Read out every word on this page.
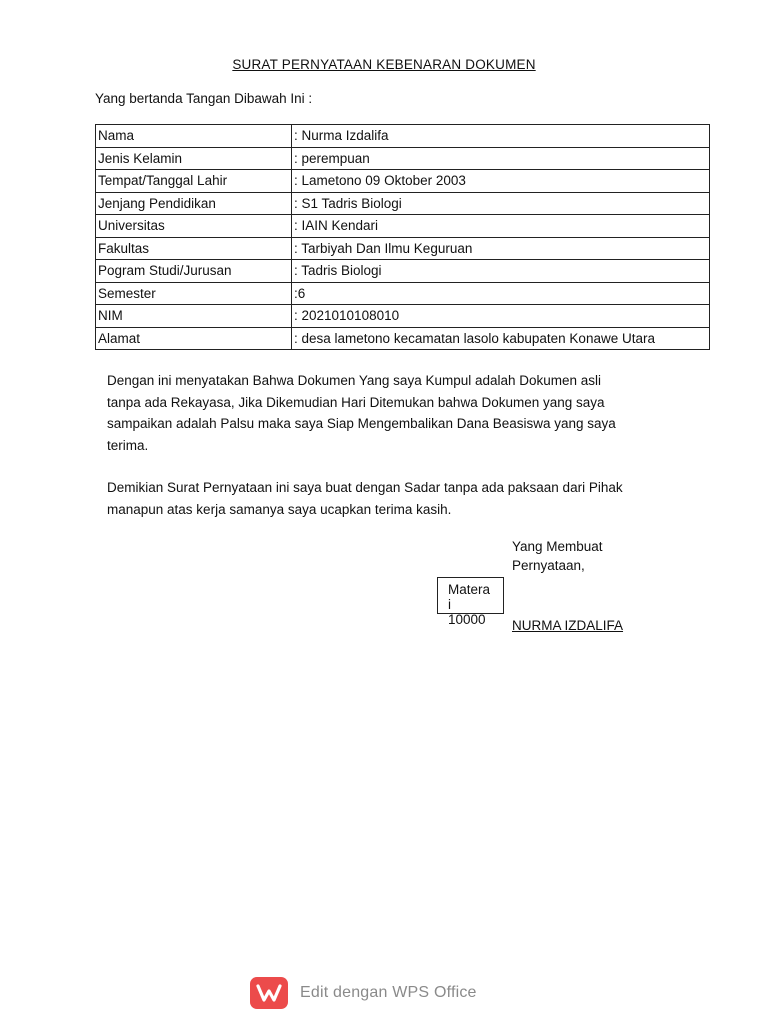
SURAT PERNYATAAN KEBENARAN DOKUMEN
Yang bertanda Tangan Dibawah Ini :
Nama	: Nurma Izdalifa
Jenis Kelamin	: perempuan
Tempat/Tanggal Lahir	: Lametono 09 Oktober 2003
Jenjang Pendidikan	: S1 Tadris Biologi
Universitas	: IAIN Kendari
Fakultas	: Tarbiyah Dan Ilmu Keguruan
Pogram Studi/Jurusan	: Tadris Biologi
Semester	:6
NIM	: 2021010108010
Alamat	: desa lametono kecamatan lasolo kabupaten Konawe Utara
Dengan ini menyatakan Bahwa Dokumen Yang saya Kumpul adalah Dokumen asli
tanpa ada Rekayasa, Jika Dikemudian Hari Ditemukan bahwa Dokumen yang saya
sampaikan adalah Palsu maka saya Siap Mengembalikan Dana Beasiswa yang saya
terima.
Demikian Surat Pernyataan ini saya buat dengan Sadar tanpa ada paksaan dari Pihak
manapun atas kerja samanya saya ucapkan terima kasih.
Yang Membuat
Pernyataan,
Matera
i
10000	NURMA IZDALIFA
Edit dengan WPS Office
